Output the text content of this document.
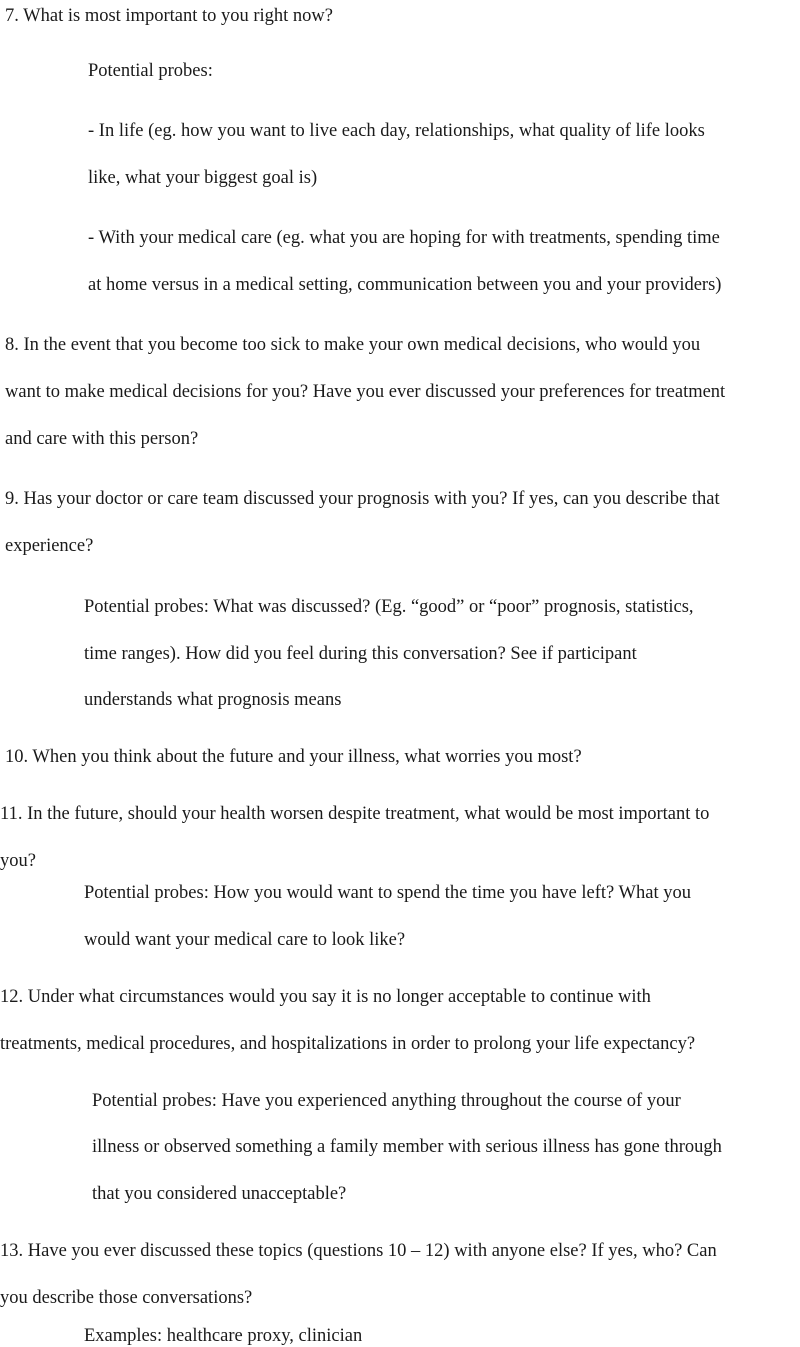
7. What is most important to you right now?

Potential probes:

- In life (eg. how you want to live each day, relationships, what quality of life looks

like, what your biggest goal is)

- With your medical care (eg. what you are hoping for with treatments, spending time

at home versus in a medical setting, communication between you and your providers)

8. In the event that you become too sick to make your own medical decisions, who would you

want to make medical decisions for you? Have you ever discussed your preferences for treatment

and care with this person?

9. Has your doctor or care team discussed your prognosis with you? If yes, can you describe that

experience?

Potential probes: What was discussed? (Eg. “good” or “poor” prognosis, statistics,

time ranges). How did you feel during this conversation? See if participant

understands what prognosis means

10. When you think about the future and your illness, what worries you most?

11. In the future, should your health worsen despite treatment, what would be most important to

you?

Potential probes: How you would want to spend the time you have left? What you

would want your medical care to look like?

12. Under what circumstances would you say it is no longer acceptable to continue with

treatments, medical procedures, and hospitalizations in order to prolong your life expectancy?

Potential probes: Have you experienced anything throughout the course of your

illness or observed something a family member with serious illness has gone through

that you considered unacceptable?

13. Have you ever discussed these topics (questions 10 – 12) with anyone else? If yes, who? Can

you describe those conversations?

Examples: healthcare proxy, clinician
